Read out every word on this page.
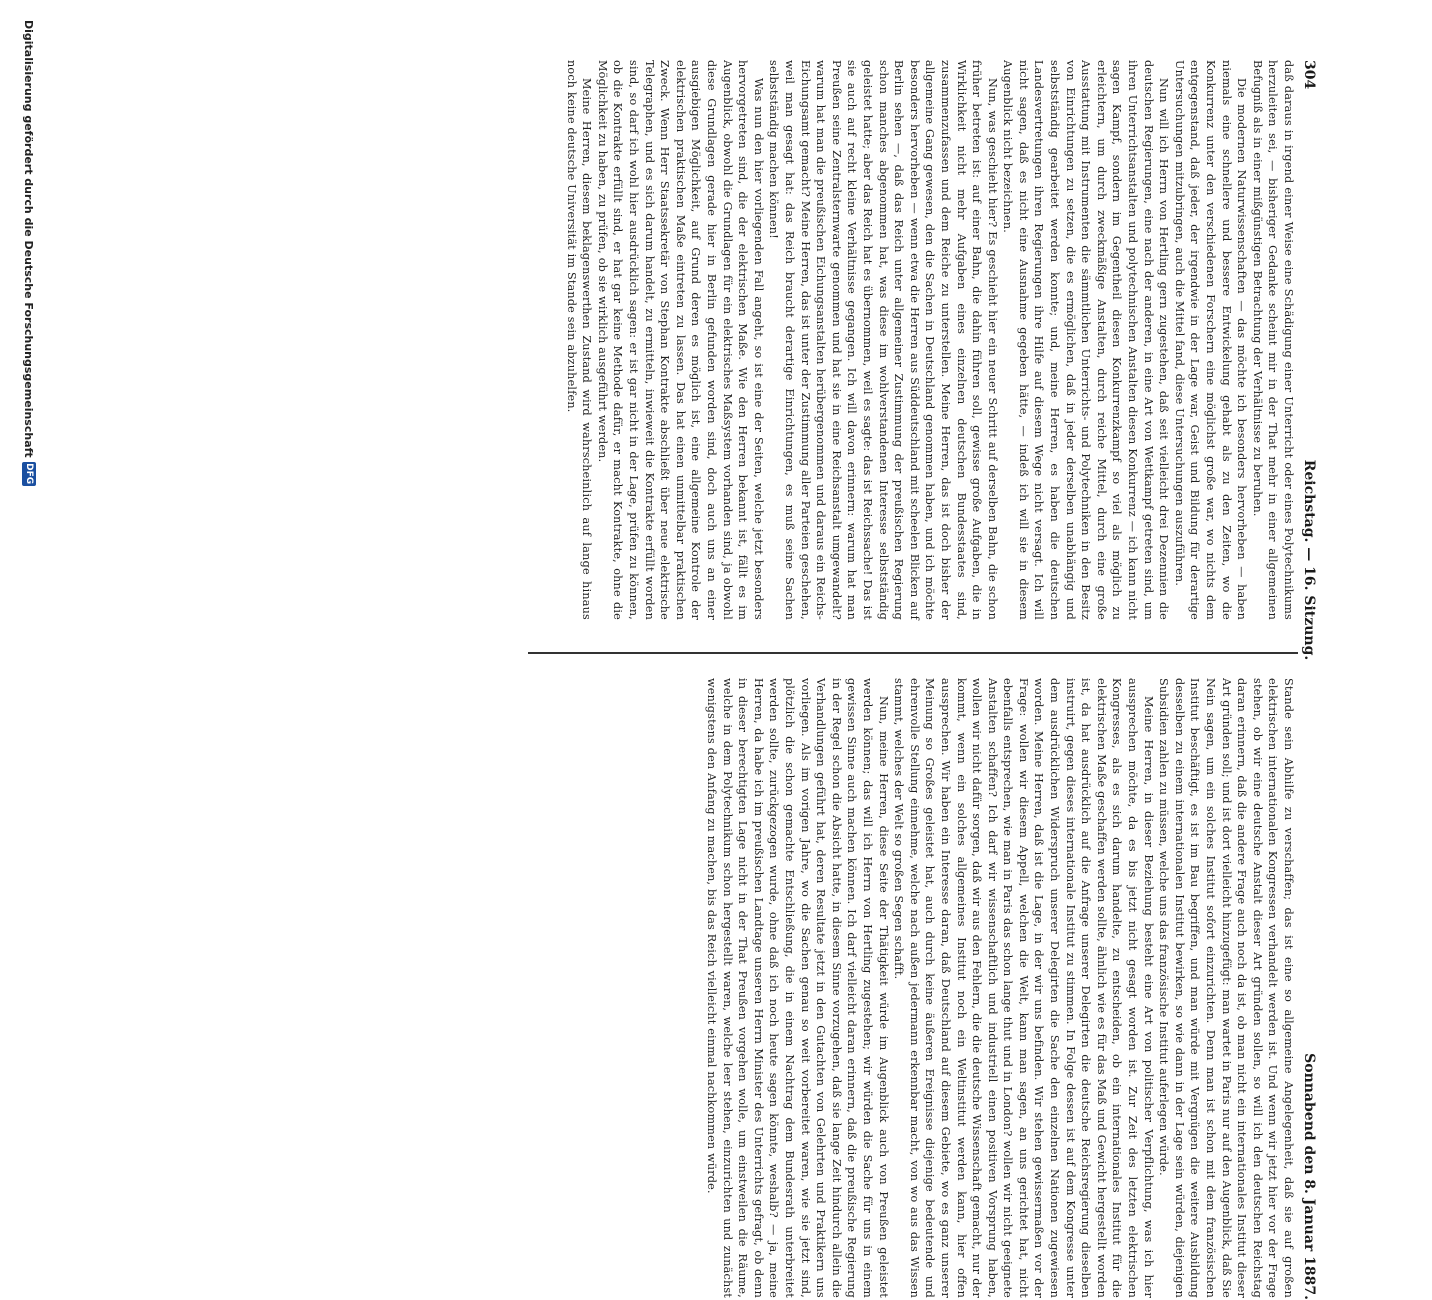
304
Reichstag. — 16. Sitzung.
Sonnabend den 8. Januar 1887.

daß daraus in irgend einer Weise eine Schädigung einer Unterricht oder eines Polytechnikums herzuleiten sei, — bisheriger Gedanke scheint mir in der That mehr in einer allgemeinen Befugniß als in einer mißgünstigen Betrachtung der Verhältnisse zu beruhen.

Die modernen Naturwissenschaften — das möchte ich besonders hervorheben — haben niemals eine schnellere und bessere Entwickelung gehabt als zu den Zeiten, wo die Konkurrenz unter den verschiedenen Forschern eine möglichst große war, wo nichts dem entgegenstand, daß jeder, der irgendwie in der Lage war, Geist und Bildung für derartige Untersuchungen mitzubringen, auch die Mittel fand, diese Untersuchungen auszuführen.

Nun will ich Herrn von Hertling gern zugestehen, daß seit vielleicht drei Dezennien die deutschen Regierungen, eine nach der anderen, in eine Art von Wettkampf getreten sind, um ihren Unterrichtsanstalten und polytechnischen Anstalten diesen Konkurrenz — ich kann nicht sagen Kampf, sondern im Gegentheil diesen Konkurrenzkampf so viel als möglich zu erleichtern, um durch zweckmäßige Anstalten, durch reiche Mittel, durch eine große Ausstattung mit Instrumenten die sämmtlichen Unterrichts- und Polytechniken in den Besitz von Einrichtungen zu setzen, die es ermöglichen, daß in jeder derselben unabhängig und selbstständig gearbeitet werden konnte; und, meine Herren, es haben die deutschen Landesvertretungen ihren Regierungen ihre Hilfe auf diesem Wege nicht versagt. Ich will nicht sagen, daß es nicht eine Ausnahme gegeben hätte, — indeß ich will sie in diesem Augenblick nicht bezeichnen.

Nun, was geschieht hier? Es geschieht hier ein neuer Schritt auf derselben Bahn, die schon früher betreten ist: auf einer Bahn, die dahin führen soll, gewisse große Aufgaben, die in Wirklichkeit nicht mehr Aufgaben eines einzelnen deutschen Bundesstaates sind, zusammenzufassen und dem Reiche zu unterstellen. Meine Herren, das ist doch bisher der allgemeine Gang gewesen, den die Sachen in Deutschland genommen haben, und ich möchte besonders hervorheben — wenn etwa die Herren aus Süddeutschland mit scheelen Blicken auf Berlin sehen —, daß das Reich unter allgemeiner Zustimmung der preußischen Regierung schon manches abgenommen hat, was diese im wohlverstandenen Interesse selbstständig geleistet hatte; aber das Reich hat es übernommen, weil es sagte: das ist Reichssache! Das ist sie auch auf recht kleine Verhältnisse gegangen. Ich will davon erinnern: warum hat man Preußen seine Zentralsternwarte genommen und hat sie in eine Reichsanstalt umgewandelt? warum hat man die preußischen Eichungsanstalten herübergenommen und daraus ein Reichs-Eichungsamt gemacht? Meine Herren, das ist unter der Zustimmung aller Parteien geschehen, weil man gesagt hat: das Reich braucht derartige Einrichtungen, es muß seine Sachen selbstständig machen können!

Was nun den hier vorliegenden Fall angeht, so ist eine der Seiten, welche jetzt besonders hervorgetreten sind, die der elektrischen Maße. Wie den Herren bekannt ist, fällt es im Augenblick, obwohl die Grundlagen für ein elektrisches Maßsystem vorhanden sind, ja obwohl diese Grundlagen gerade hier in Berlin gefunden worden sind, doch auch uns an einer ausgiebigen Möglichkeit, auf Grund deren es möglich ist, eine allgemeine Kontrole der elektrischen praktischen Maße eintreten zu lassen. Das hat einen unmittelbar praktischen Zweck. Wenn Herr Staatssekretär von Stephan Kontrakte abschließt über neue elektrische Telegraphen, und es sich darum handelt, zu ermitteln, inwieweit die Kontrakte erfüllt worden sind, so darf ich wohl hier ausdrücklich sagen: er ist gar nicht in der Lage, prüfen zu können, ob die Kontrakte erfüllt sind, er hat gar keine Methode dafür, er macht Kontrakte, ohne die Möglichkeit zu haben, zu prüfen, ob sie wirklich ausgeführt werden.

Meine Herren, diesem beklagenswerthen Zustand wird wahrscheinlich auf lange hinaus noch keine deutsche Universität im Stande sein abzuhelfen.

Stande sein Abhilfe zu verschaffen; das ist eine so allgemeine Angelegenheit, daß sie auf großen elektrischen internationalen Kongressen verhandelt werden ist. Und wenn wir jetzt hier vor der Frage stehen, ob wir eine deutsche Anstalt dieser Art gründen sollen, so will ich den deutschen Reichstag daran erinnern, daß die andere Frage auch noch da ist, ob man nicht ein internationales Institut dieser Art gründen soll; und ist dort vielleicht hinzugefügt: man wartet in Paris nur auf den Augenblick, daß Sie Nein sagen, um ein solches Institut sofort einzurichten. Denn man ist schon mit dem französischen Institut beschäftigt, es ist im Bau begriffen, und man würde mit Vergnügen die weitere Ausbildung desselben zu einem internationalen Institut bewirken, so wie dann in der Lage sein würden, diejenigen Subsidien zahlen zu müssen, welche uns das französische Institut auferlegen würde.

Meine Herren, in dieser Beziehung besteht eine Art von politischer Verpflichtung, was ich hier aussprechen möchte, da es bis jetzt nicht gesagt worden ist. Zur Zeit des letzten elektrischen Kongresses, als es sich darum handelte, zu entscheiden, ob ein internationales Institut für die elektrischen Maße geschaffen werden sollte, ähnlich wie es für das Maß und Gewicht hergestellt worden ist, da hat ausdrücklich auf die Anfrage unserer Delegirten die deutsche Reichsregierung dieselben instruirt, gegen dieses internationale Institut zu stimmen. In Folge dessen ist auf dem Kongresse unter dem ausdrücklichen Widerspruch unserer Delegirten die Sache den einzelnen Nationen zugewiesen worden. Meine Herren, daß ist die Lage, in der wir uns befinden. Wir stehen gewissermaßen vor der Frage: wollen wir diesem Appell, welchen die Welt, kann man sagen, an uns gerichtet hat, nicht ebenfalls entsprechen, wie man in Paris das schon lange thut und in London? wollen wir nicht geeignete Anstalten schaffen? Ich darf wir wissenschaftlich und industriell einen positiven Vorsprung haben, wollen wir nicht dafür sorgen, daß wir aus den Fehlern, die die deutsche Wissenschaft gemacht, nur der kommt, wenn ein solches allgemeines Institut noch ein Weltinstitut werden kann, hier offen aussprechen. Wir haben ein Interesse daran, daß Deutschland auf diesem Gebiete, wo es ganz unserer Meinung so Großes geleistet hat, auch durch keine äußeren Ereignisse diejenige bedeutende und ehrenvolle Stellung einnehme, welche nach außen jedermann erkennbar macht, von wo aus das Wissen stammt, welches der Welt so großen Segen schafft.

Nun, meine Herren, diese Seite der Thätigkeit würde im Augenblick auch von Preußen geleistet werden können; das will ich Herrn von Hertling zugestehen; wir würden die Sache für uns in einem gewissen Sinne auch machen können. Ich darf vielleicht daran erinnern, daß die preußische Regierung in der Regel schon die Absicht hatte, in diesem Sinne vorzugehen, daß sie lange Zeit hindurch allein die Verhandlungen geführt hat, deren Resultate jetzt in den Gutachten von Gelehrten und Praktikern uns vorliegen. Als im vorigen Jahre, wo die Sachen genau so weit vorbereitet waren, wie sie jetzt sind, plötzlich die schon gemachte Entschließung, die in einem Nachtrag dem Bundesrath unterbreitet werden sollte, zurückgezogen wurde, ohne daß ich noch heute sagen könnte, weshalb? — ja, meine Herren, da habe ich im preußischen Landtage unseren Herrn Minister des Unterrichts gefragt, ob denn in dieser berechtigten Lage nicht in der That Preußen vorgehen wolle, um einstweilen die Räume, welche in dem Polytechnikum schon hergestellt waren, welche leer stehen, einzurichten und zunächst wenigstens den Anfang zu machen, bis das Reich vielleicht einmal nachkommen würde.

Digitalisierung gefördert durch die Deutsche Forschungsgemeinschaft
DFG
